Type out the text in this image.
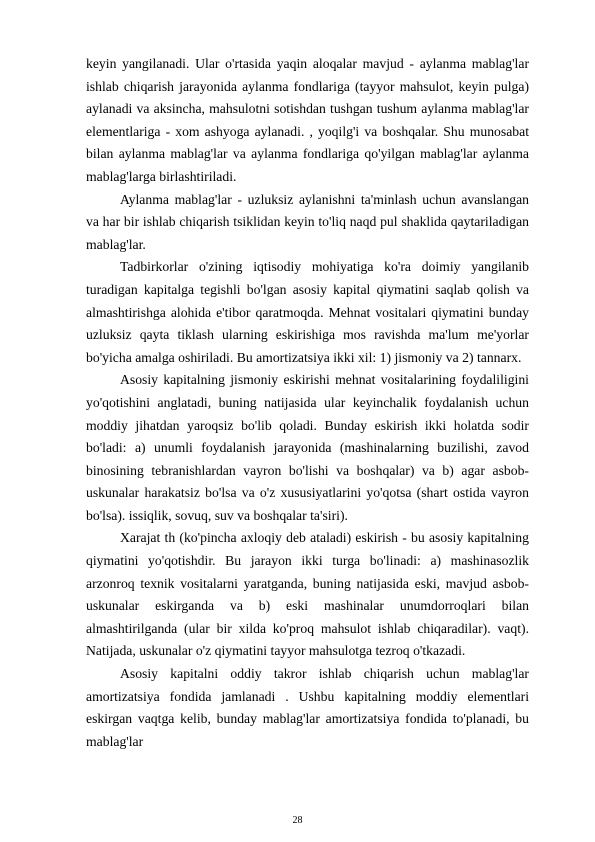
keyin yangilanadi. Ular o'rtasida yaqin aloqalar mavjud - aylanma mablag'lar ishlab chiqarish jarayonida aylanma fondlariga (tayyor mahsulot, keyin pulga) aylanadi va aksincha, mahsulotni sotishdan tushgan tushum aylanma mablag'lar elementlariga - xom ashyoga aylanadi. , yoqilg'i va boshqalar. Shu munosabat bilan aylanma mablag'lar va aylanma fondlariga qo'yilgan mablag'lar aylanma mablag'larga birlashtiriladi.

Aylanma mablag'lar - uzluksiz aylanishni ta'minlash uchun avanslangan va har bir ishlab chiqarish tsiklidan keyin to'liq naqd pul shaklida qaytariladigan mablag'lar.

Tadbirkorlar o'zining iqtisodiy mohiyatiga ko'ra doimiy yangilanib turadigan kapitalga tegishli bo'lgan asosiy kapital qiymatini saqlab qolish va almashtirishga alohida e'tibor qaratmoqda. Mehnat vositalari qiymatini bunday uzluksiz qayta tiklash ularning eskirishiga mos ravishda ma'lum me'yorlar bo'yicha amalga oshiriladi. Bu amortizatsiya ikki xil: 1) jismoniy va 2) tannarx.

Asosiy kapitalning jismoniy eskirishi mehnat vositalarining foydaliligini yo'qotishini anglatadi, buning natijasida ular keyinchalik foydalanish uchun moddiy jihatdan yaroqsiz bo'lib qoladi. Bunday eskirish ikki holatda sodir bo'ladi: a) unumli foydalanish jarayonida (mashinalarning buzilishi, zavod binosining tebranishlardan vayron bo'lishi va boshqalar) va b) agar asbob-uskunalar harakatsiz bo'lsa va o'z xususiyatlarini yo'qotsa (shart ostida vayron bo'lsa). issiqlik, sovuq, suv va boshqalar ta'siri).

Xarajat th (ko'pincha axloqiy deb ataladi) eskirish - bu asosiy kapitalning qiymatini yo'qotishdir. Bu jarayon ikki turga bo'linadi: a) mashinasozlik arzonroq texnik vositalarni yaratganda, buning natijasida eski, mavjud asbob-uskunalar eskirganda va b) eski mashinalar unumdorroqlari bilan almashtirilganda (ular bir xilda ko'proq mahsulot ishlab chiqaradilar). vaqt). Natijada, uskunalar o'z qiymatini tayyor mahsulotga tezroq o'tkazadi.

Asosiy kapitalni oddiy takror ishlab chiqarish uchun mablag'lar amortizatsiya fondida jamlanadi . Ushbu kapitalning moddiy elementlari eskirgan vaqtga kelib, bunday mablag'lar amortizatsiya fondida to'planadi, bu mablag'lar

28
